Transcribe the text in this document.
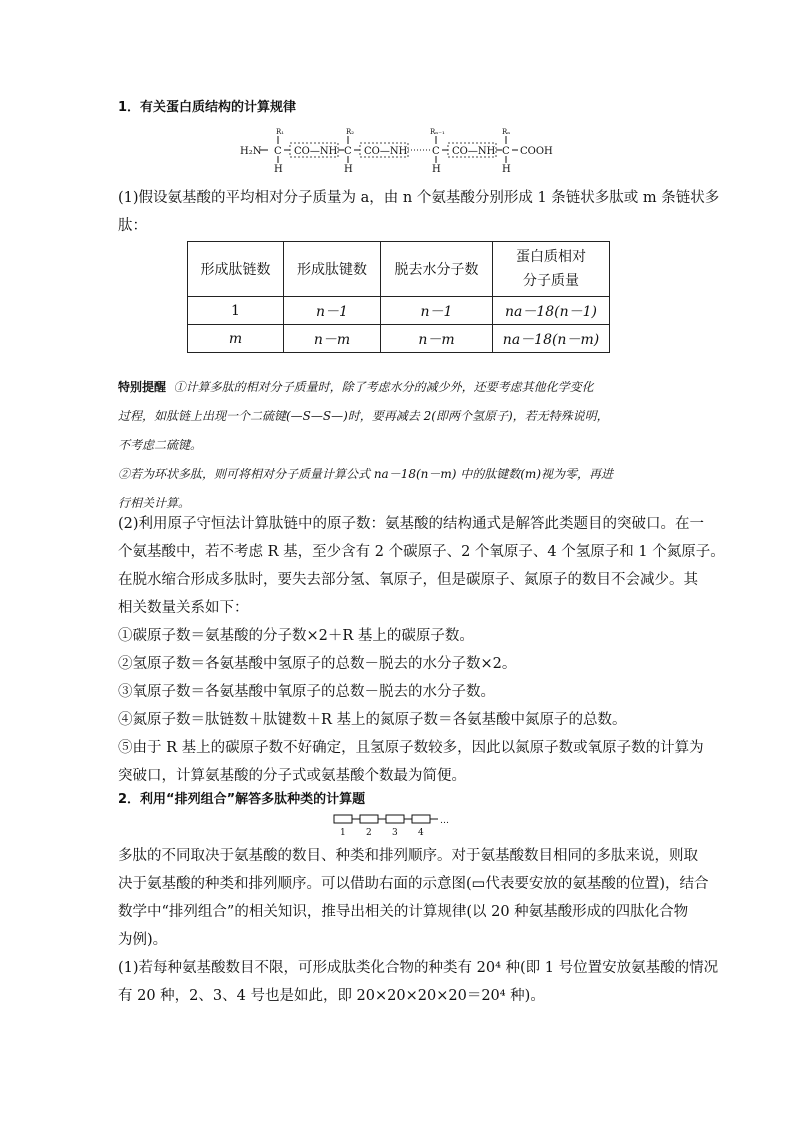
1．有关蛋白质结构的计算规律
H₂N
R₁
C
H
CO—NH
R₂
C
H
CO—NH
Rₙ₋₁
C
H
CO—NH
Rₙ
C
H
COOH
(1)假设氨基酸的平均相对分子质量为 a，由 n 个氨基酸分别形成 1 条链状多肽或 m 条链状多
肽：
形成肽链数	形成肽键数	脱去水分子数	蛋白质相对
分子质量

1	n－1	n－1	na－18(n－1)
m	n－m	n－m	na－18(n－m)
特别提醒 ①计算多肽的相对分子质量时，除了考虑水分的减少外，还要考虑其他化学变化
过程，如肽链上出现一个二硫键(—S—S—)时，要再减去 2(即两个氢原子)，若无特殊说明，
不考虑二硫键。
②若为环状多肽，则可将相对分子质量计算公式 na－18(n－m) 中的肽键数(m)视为零，再进
行相关计算。
(2)利用原子守恒法计算肽链中的原子数：氨基酸的结构通式是解答此类题目的突破口。在一
个氨基酸中，若不考虑 R 基，至少含有 2 个碳原子、2 个氧原子、4 个氢原子和 1 个氮原子。
在脱水缩合形成多肽时，要失去部分氢、氧原子，但是碳原子、氮原子的数目不会减少。其
相关数量关系如下：
①碳原子数＝氨基酸的分子数×2＋R 基上的碳原子数。
②氢原子数＝各氨基酸中氢原子的总数－脱去的水分子数×2。
③氧原子数＝各氨基酸中氧原子的总数－脱去的水分子数。
④氮原子数＝肽链数＋肽键数＋R 基上的氮原子数＝各氨基酸中氮原子的总数。
⑤由于 R 基上的碳原子数不好确定，且氢原子数较多，因此以氮原子数或氧原子数的计算为
突破口，计算氨基酸的分子式或氨基酸个数最为简便。
2．利用“排列组合”解答多肽种类的计算题
…
1 2 3 4
多肽的不同取决于氨基酸的数目、种类和排列顺序。对于氨基酸数目相同的多肽来说，则取
决于氨基酸的种类和排列顺序。可以借助右面的示意图(▭代表要安放的氨基酸的位置)，结合
数学中“排列组合”的相关知识，推导出相关的计算规律(以 20 种氨基酸形成的四肽化合物
为例)。
(1)若每种氨基酸数目不限，可形成肽类化合物的种类有 20⁴ 种(即 1 号位置安放氨基酸的情况
有 20 种，2、3、4 号也是如此，即 20×20×20×20＝20⁴ 种)。
